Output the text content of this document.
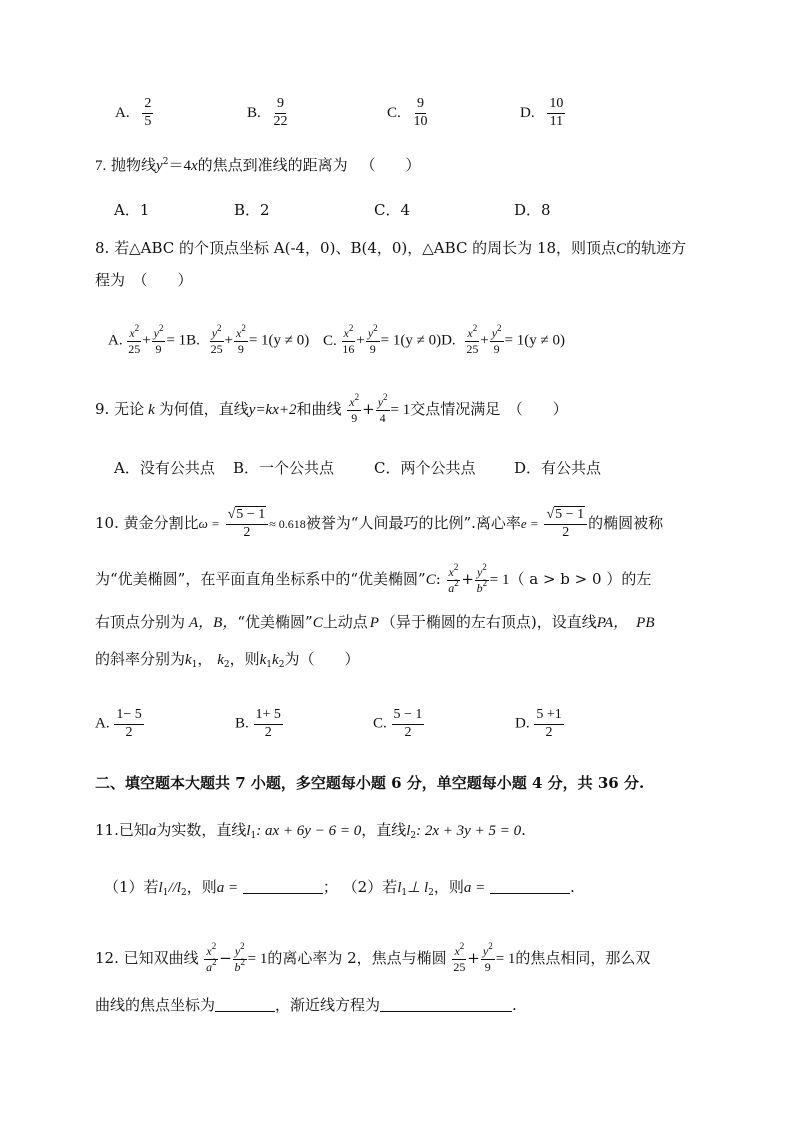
A. $\frac{2}{5}$	B. $\frac{9}{22}$	C. $\frac{9}{10}$	D. $\frac{10}{11}$
7. 抛物线$y^2=4x$的焦点到准线的距离为 （　　）
A．1	B．2	C．4	D．8
8. 若△ABC 的个顶点坐标 A(-4，0)、B(4，0)，△ABC 的周长为 18，则顶点C的轨迹方
程为　（　　）
A. $\frac{x^2}{25} + \frac{y^2}{9} = 1B$. $\frac{y^2}{25} + \frac{x^2}{9} = 1(y \ne 0)$ C. $\frac{x^2}{16} + \frac{y^2}{9} = 1(y \ne 0)D$. $\frac{x^2}{25} + \frac{y^2}{9} = 1(y \ne 0)$
9. 无论 k 为何值，直线y=kx+2和曲线 $\frac{x^2}{9} + \frac{y^2}{4} = 1$交点情况满足　（　　）
A．没有公共点 B．一个公共点	C．两个公共点	D．有公共点
10. 黄金分割比$\omega = \frac{√5 - 1}{2} \approx 0.618$被誉为“人间最巧的比例”.离心率$e = \frac{√5 - 1}{2}$ 的椭圆被称
为“优美椭圆”，在平面直角坐标系中的“优美椭圆”C: $\frac{x^2}{a^2} + \frac{y^2}{b^2} = 1$（ a > b > 0 ）的左
右顶点分别为 A，B，“优美椭圆”C上动点 P （异于椭圆的左右顶点)，设直线PA， PB
的斜率分别为$k_1$， $k_2$，则$k_1k_2$为（　　）
A. $\frac{1- 5}{2}$	B. $\frac{1+ 5}{2}$	C. $\frac{5 - 1}{2}$	D. $\frac{5 +1}{2}$
二、填空题本大题共 7 小题，多空题每小题 6 分，单空题每小题 4 分，共 36 分.
11.已知a为实数，直线$l_1$: ax + 6y − 6 = 0，直线$l_2$: 2x + 3y + 5 = 0.
（1）若$l_1//l_2$，则a =	； （2）若$l_1\perp$ $l_2$，则a =	.
12. 已知双曲线 $\frac{x^2}{a^2} - \frac{y^2}{b^2} = 1$的离心率为 2，焦点与椭圆 $\frac{x^2}{25} + \frac{y^2}{9} = 1$的焦点相同，那么双
曲线的焦点坐标为	，渐近线方程为	.
